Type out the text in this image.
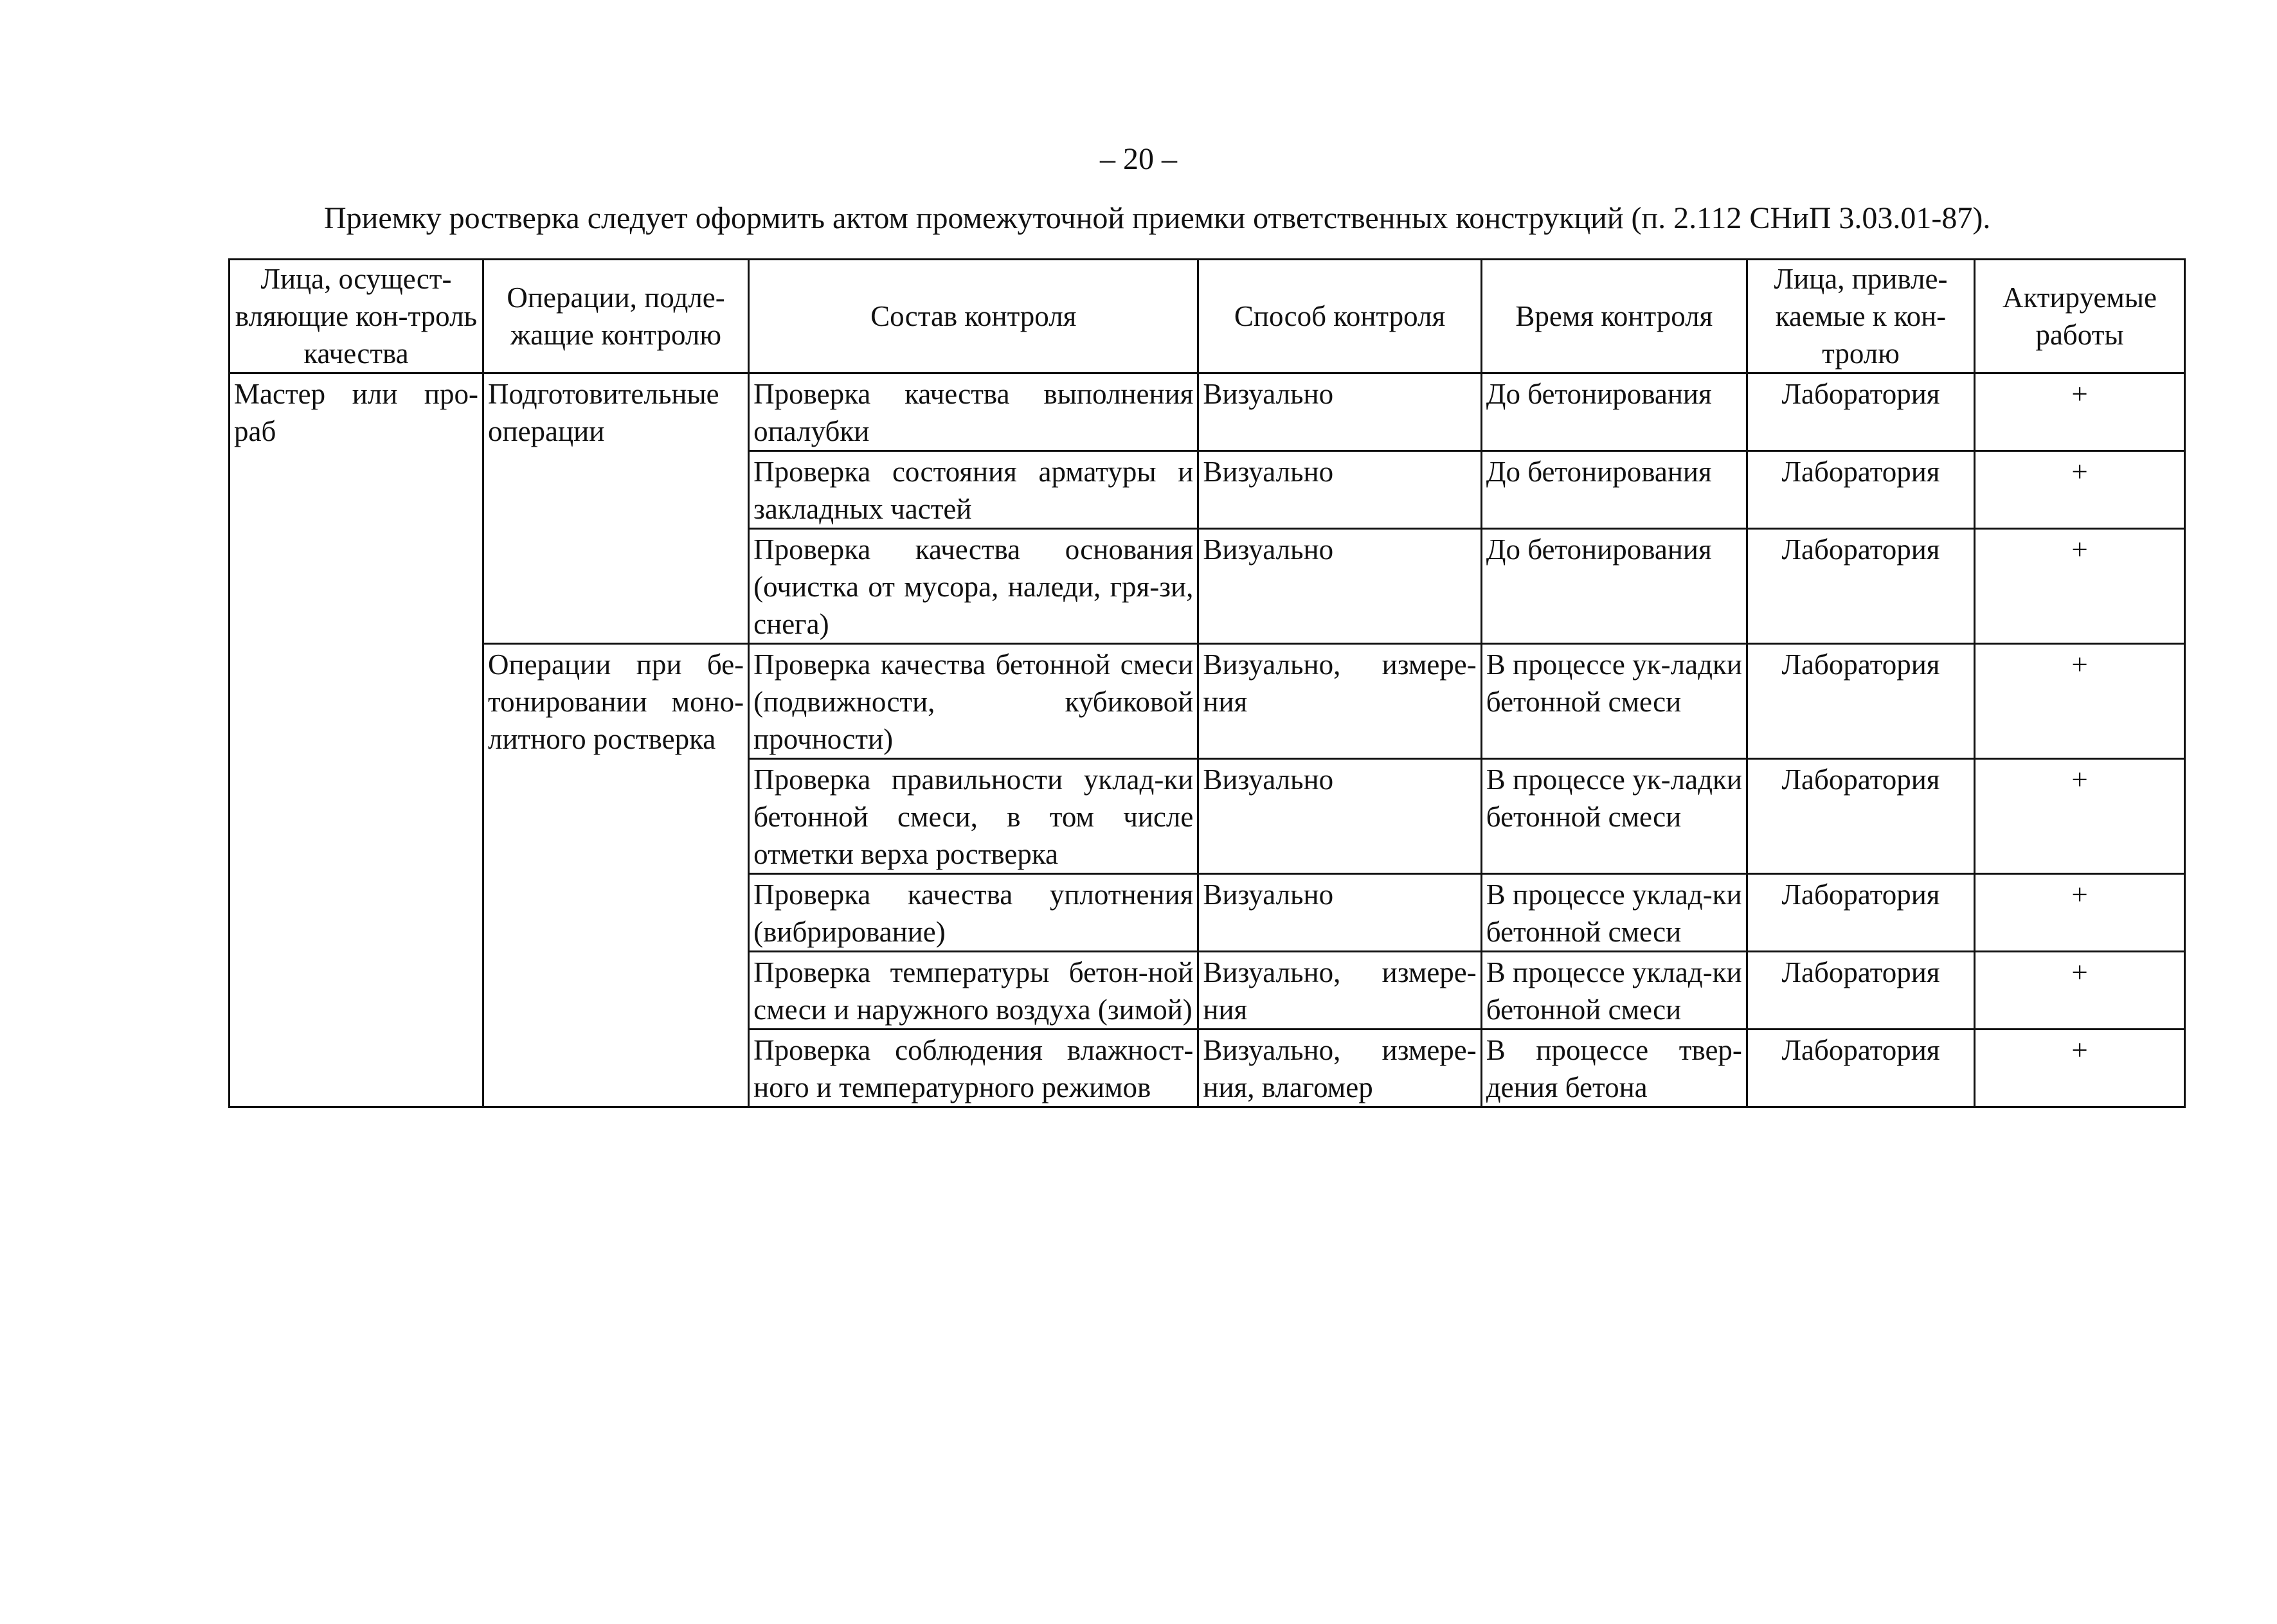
– 20 –
Приемку ростверка следует оформить актом промежуточной приемки ответственных конструкций (п. 2.112 СНиП 3.03.01-87).
Лица, осущест-вляющие кон-троль качества	Операции, подле-жащие контролю	Состав контроля	Способ контроля	Время контроля	Лица, привле-каемые к кон-тролю	Актируемые работы
Мастер или про-раб	Подготовительные операции	Проверка качества выполнения опалубки	Визуально	До бетонирования	Лаборатория	+
		Проверка состояния арматуры и закладных частей	Визуально	До бетонирования	Лаборатория	+
		Проверка качества основания (очистка от мусора, наледи, гря-зи, снега)	Визуально	До бетонирования	Лаборатория	+
	Операции при бе-тонировании моно-литного ростверка	Проверка качества бетонной смеси (подвижности, кубиковой прочности)	Визуально, измере-ния	В процессе ук-ладки бетонной смеси	Лаборатория	+
		Проверка правильности уклад-ки бетонной смеси, в том числе отметки верха ростверка	Визуально	В процессе ук-ладки бетонной смеси	Лаборатория	+
		Проверка качества уплотнения (вибрирование)	Визуально	В процессе уклад-ки бетонной смеси	Лаборатория	+
		Проверка температуры бетон-ной смеси и наружного воздуха (зимой)	Визуально, измере-ния	В процессе уклад-ки бетонной смеси	Лаборатория	+
		Проверка соблюдения влажност-ного и температурного режимов	Визуально, измере-ния, влагомер	В процессе твер-дения бетона	Лаборатория	+
